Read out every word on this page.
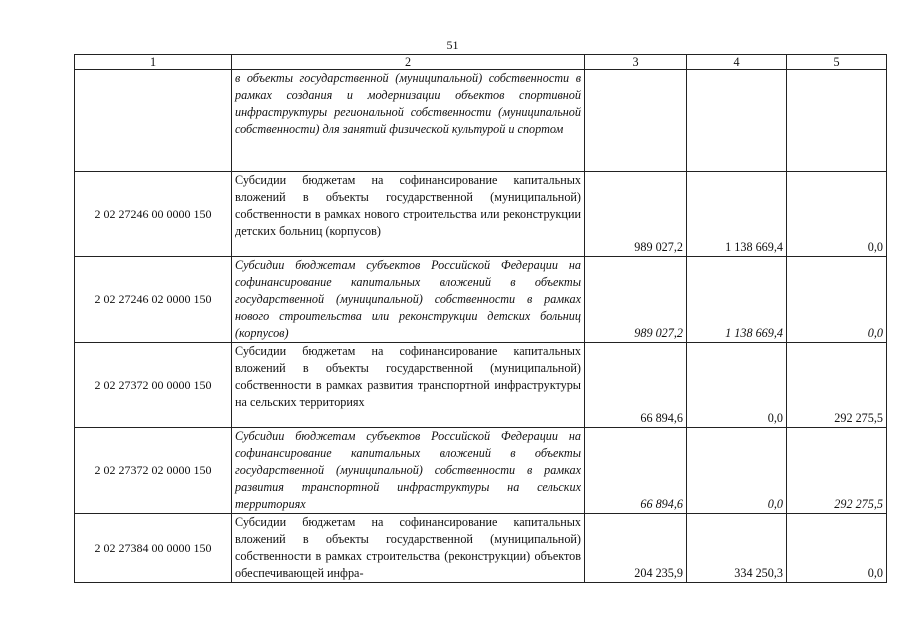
51
1	2	3	4	5
	в объекты государственной (муниципальной) собственности в рамках создания и модернизации объектов спортивной инфраструктуры региональной собственности (муниципальной собственности) для занятий физической культурой и спортом			
2 02 27246 00 0000 150	Субсидии бюджетам на софинансирование капитальных вложений в объекты государственной (муниципальной) собственности в рамках нового строительства или реконструкции детских больниц (корпусов)	989 027,2	1 138 669,4	0,0
2 02 27246 02 0000 150	Субсидии бюджетам субъектов Российской Федерации на софинансирование капитальных вложений в объекты государственной (муниципальной) собственности в рамках нового строительства или реконструкции детских больниц (корпусов)	989 027,2	1 138 669,4	0,0
2 02 27372 00 0000 150	Субсидии бюджетам на софинансирование капитальных вложений в объекты государственной (муниципальной) собственности в рамках развития транспортной инфраструктуры на сельских территориях	66 894,6	0,0	292 275,5
2 02 27372 02 0000 150	Субсидии бюджетам субъектов Российской Федерации на софинансирование капитальных вложений в объекты государственной (муниципальной) собственности в рамках развития транспортной инфраструктуры на сельских территориях	66 894,6	0,0	292 275,5
2 02 27384 00 0000 150	Субсидии бюджетам на софинансирование капитальных вложений в объекты государственной (муниципальной) собственности в рамках строительства (реконструкции) объектов обеспечивающей инфра-	204 235,9	334 250,3	0,0
